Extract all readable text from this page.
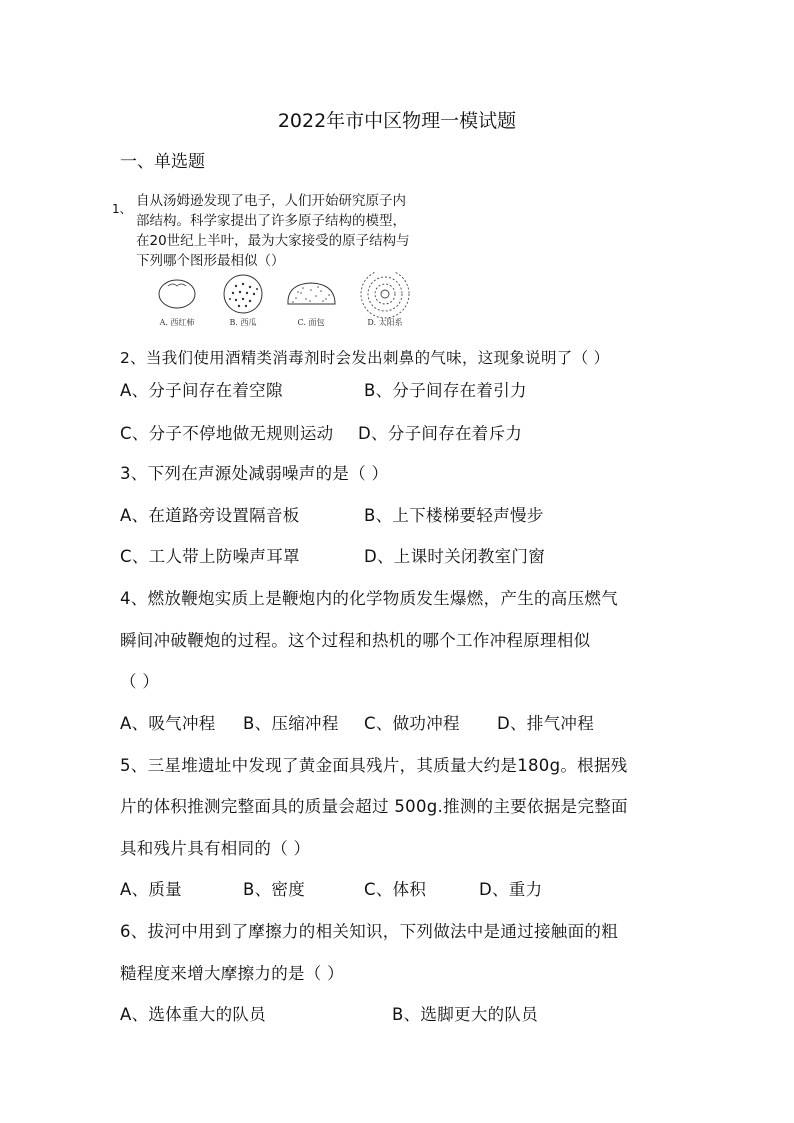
2022年市中区物理一模试题
一、单选题
1、 自从汤姆逊发现了电子，人们开始研究原子内
部结构。科学家提出了许多原子结构的模型，
在20世纪上半叶，最为大家接受的原子结构与
下列哪个图形最相似（）
A. 西红柿	B. 西瓜	C. 面包	D. 太阳系
2、当我们使用酒精类消毒剂时会发出刺鼻的气味，这现象说明了（ ）
A、分子间存在着空隙	B、分子间存在着引力
C、分子不停地做无规则运动 D、分子间存在着斥力
3、下列在声源处减弱噪声的是（ ）
A、在道路旁设置隔音板	B、上下楼梯要轻声慢步
C、工人带上防噪声耳罩	D、上课时关闭教室门窗
4、燃放鞭炮实质上是鞭炮内的化学物质发生爆燃，产生的高压燃气
瞬间冲破鞭炮的过程。这个过程和热机的哪个工作冲程原理相似
（ ）
A、吸气冲程 B、压缩冲程 C、做功冲程 D、排气冲程
5、三星堆遗址中发现了黄金面具残片，其质量大约是180g。根据残
片的体积推测完整面具的质量会超过 500g.推测的主要依据是完整面
具和残片具有相同的（ ）
A、质量	B、密度	C、体积	D、重力
6、拔河中用到了摩擦力的相关知识，下列做法中是通过接触面的粗
糙程度来增大摩擦力的是（ ）
A、选体重大的队员	B、选脚更大的队员
